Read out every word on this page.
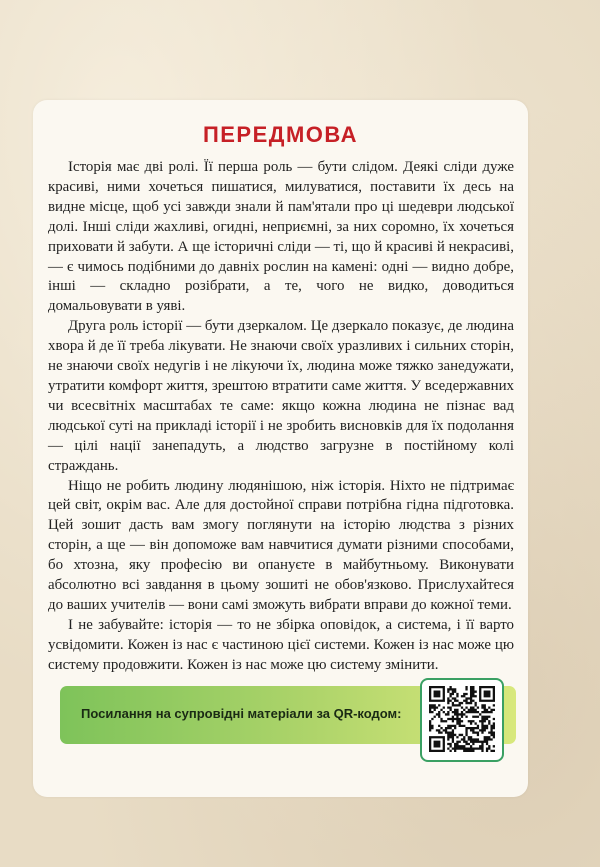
ПЕРЕДМОВА

Історія має дві ролі. Її перша роль — бути слідом. Деякі сліди дуже красиві, ними хочеться пишатися, милуватися, поставити їх десь на видне місце, щоб усі завжди знали й пам'ятали про ці шедеври людської долі. Інші сліди жахливі, огидні, неприємні, за них соромно, їх хочеться приховати й забути. А ще історичні сліди — ті, що й красиві й некрасиві, — є чимось подібними до давніх рослин на камені: одні — видно добре, інші — складно розібрати, а те, чого не видко, доводиться домальовувати в уяві.

Друга роль історії — бути дзеркалом. Це дзеркало показує, де людина хвора й де її треба лікувати. Не знаючи своїх уразливих і сильних сторін, не знаючи своїх недугів і не лікуючи їх, людина може тяжко занедужати, утратити комфорт життя, зрештою втратити саме життя. У вседержавних чи всесвітніх масштабах те саме: якщо кожна людина не пізнає вад людської суті на прикладі історії і не зробить висновків для їх подолання — цілі нації занепадуть, а людство загрузне в постійному колі страждань.

Ніщо не робить людину людянішою, ніж історія. Ніхто не підтримає цей світ, окрім вас. Але для достойної справи потрібна гідна підготовка. Цей зошит дасть вам змогу поглянути на історію людства з різних сторін, а ще — він допоможе вам навчитися думати різними способами, бо хтозна, яку професію ви опануєте в майбутньому. Виконувати абсолютно всі завдання в цьому зошиті не обов'язково. Прислухайтеся до ваших учителів — вони самі зможуть вибрати вправи до кожної теми.

І не забувайте: історія — то не збірка оповідок, а система, і її варто усвідомити. Кожен із нас є частиною цієї системи. Кожен із нас може цю систему продовжити. Кожен із нас може цю систему змінити.

Посилання на супровідні матеріали за QR-кодом:
